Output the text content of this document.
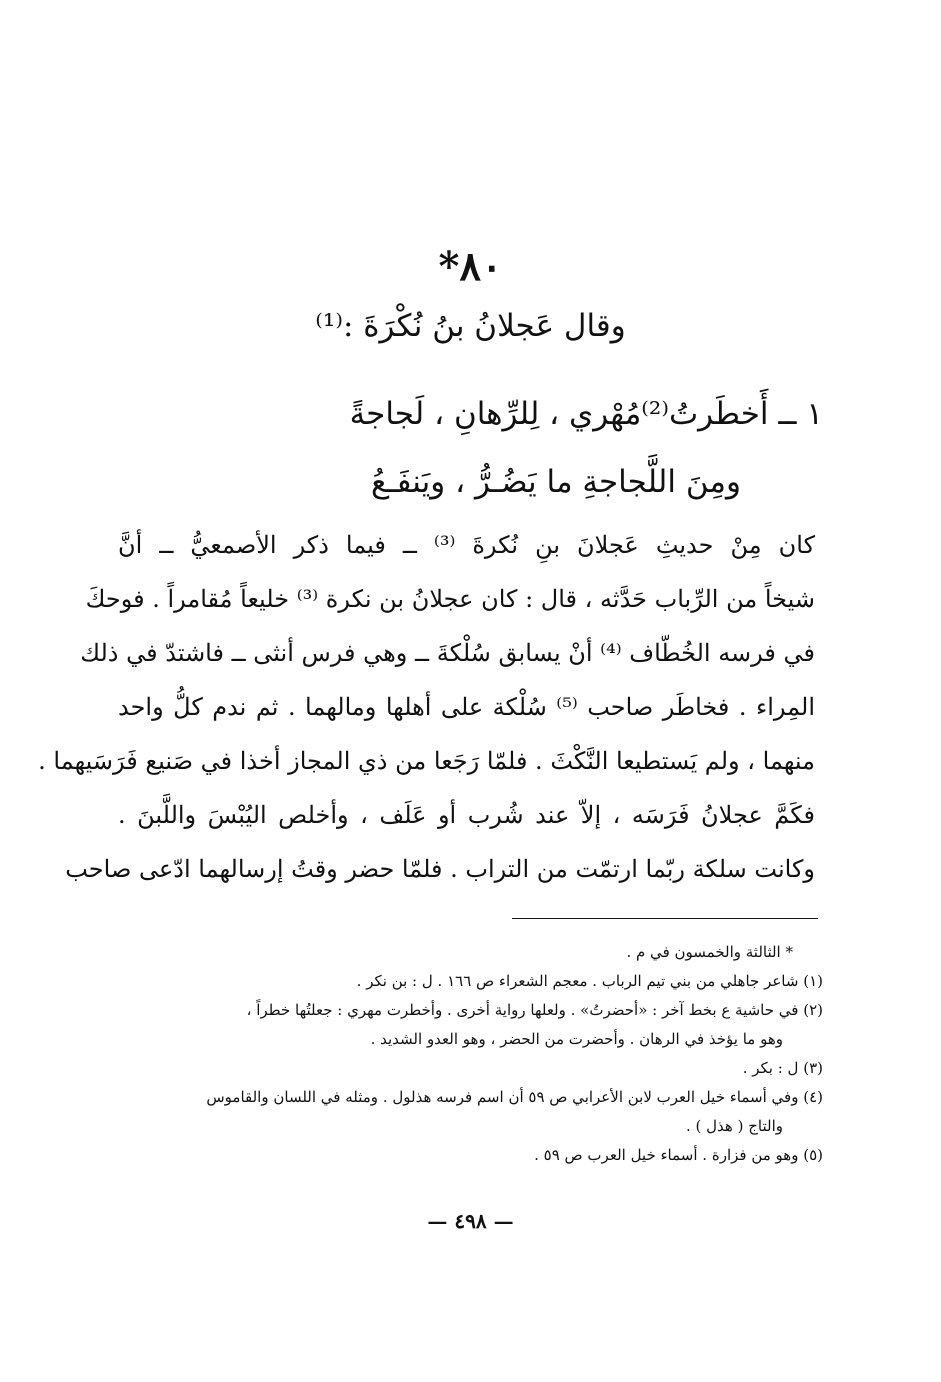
٨٠*
وقال عَجلانُ بنُ نُكْرَةَ :⁽¹⁾
١ ــ أَخطَرتُ⁽²⁾مُهْري ، لِلرِّهانِ ، لَجاجةً
ومِنَ اللَّجاجةِ ما يَضُـرُّ ، ويَنفَـعُ
كان مِنْ حديثِ عَجلانَ بنِ نُكرةَ ⁽³⁾ ــ فيما ذكر الأصمعيُّ ــ أنَّ
شيخاً من الرِّباب حَدَّثه ، قال : كان عجلانُ بن نكرة ⁽³⁾ خليعاً مُقامراً . فوحكَ
في فرسه الخُطّاف ⁽⁴⁾ أنْ يسابق سُلْكةَ ــ وهي فرس أنثى ــ فاشتدّ في ذلك
المِراء . فخاطَر صاحب ⁽⁵⁾ سُلْكة على أهلها ومالهما . ثم ندم كلُّ واحد
منهما ، ولم يَستطيعا النَّكْثَ . فلمّا رَجَعا من ذي المجاز أخذا في صَنيع فَرَسَيهما .
فكَمَّ عجلانُ فَرَسَه ، إلاّ عند شُرب أو عَلَف ، وأخلص اليُبْسَ واللَّبنَ .
وكانت سلكة ربّما ارتمّت من التراب . فلمّا حضر وقتُ إرسالهما ادّعى صاحب
* الثالثة والخمسون في م .
(١) شاعر جاهلي من بني تيم الرباب . معجم الشعراء ص ١٦٦ . ل : بن نكر .
(٢) في حاشية ع بخط آخر : «أحضرتُ» . ولعلها رواية أخرى . وأخطرت مهري : جعلتُها خطراً ،
وهو ما يؤخذ في الرهان . وأحضرت من الحضر ، وهو العدو الشديد .
(٣) ل : بكر .
(٤) وفي أسماء خيل العرب لابن الأعرابي ص ٥٩ أن اسم فرسه هذلول . ومثله في اللسان والقاموس
والتاج ( هذل ) .
(٥) وهو من فزارة . أسماء خيل العرب ص ٥٩ .
— ٤٩٨ —
